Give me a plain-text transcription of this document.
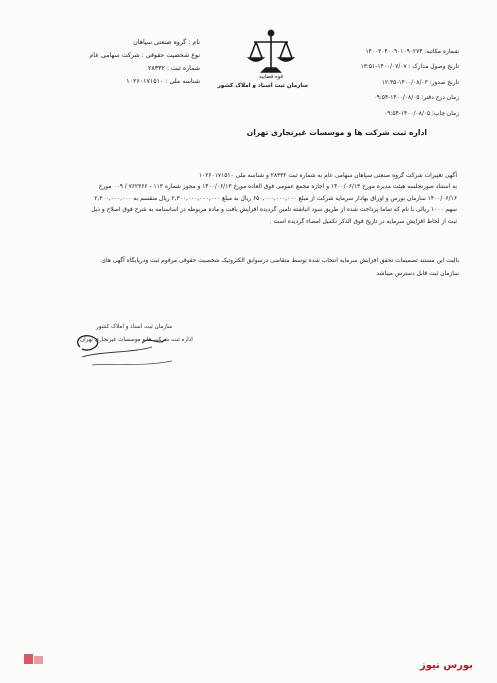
نام : گروه صنعتی سپاهان
نوع شخصیت حقوقی : شرکت سهامی عام
شماره ثبت : ۲۸۳۳۲
شناسه ملی : ۱۰۲۶۰۱۷۱۵۱۰
قوه قضاییه
سازمان ثبت اسناد و املاک کشور
شماره مکاتبه: ۱۴۰۰۳۰۴۰۰۹۰۱۰۹۰۲۷۴
تاریخ وصول مدارک : ۱۴۰۰/۰۷/۰۷-۱۳:۵۱
تاریخ صدور: ۱۴۰۰/۰۸/۰۳-۱۲:۳۵
زمان درج دفتر: ۱۴۰۰/۰۸/۰۵-۰۹:۵۴
زمان چاپ: ۱۴۰۰/۰۸/۰۵-۰۹:۵۴
اداره ثبت شرکت ها و موسسات غیرتجاری تهران
آگهی تغییرات شرکت گروه صنعتی سپاهان سهامی عام به شماره ثبت ۲۸۳۳۲ و شناسه ملی ۱۰۲۶۰۱۷۱۵۱۰
به استناد صورتجلسه هیئت مدیره مورخ ۱۴۰۰/۰۶/۱۳ و اجازه مجمع عمومی فوق العاده مورخ ۱۴۰۰/۰۶/۱۳ و مجوز شماره ۱۱۳ - ۷۶۲۳۶۶ / ۰۰۹ مورخ
۱۴۰۰/۰۶/۱۶ سازمان بورس و اوراق بهادار سرمایه شرکت از مبلغ ۶۵۰,۰۰۰,۰۰۰,۰۰۰ ریال به مبلغ ۲,۳۰۰,۰۰۰,۰۰۰,۰۰۰ ریال منقسم به ۲,۳۰۰,۰۰۰,۰۰۰
سهم ۱۰۰۰ ریالی با نام که تماما پرداخت شده از طریق سود انباشته تامین گردیده افزایش یافت و ماده مربوطه در اساسنامه به شرح فوق اصلاح و ذیل
ثبت از لحاظ افزایش سرمایه در تاریخ فوق الذکر تکمیل امضاء گردیده است .
بالیت این مستند تصمیمات تحقق افزایش سرمایه انتخاب شده توسط متقاضی درسوابق الکترونیک شخصیت حقوقی مرقوم ثبت ودرپایگاه آگهی های
سازمان ثبت قابل دسترس میباشد
سازمان ثبت اسناد و املاک کشور
اداره ثبت شرکت ها و موسسات غیرتجاری تهران
بورس نیوز
